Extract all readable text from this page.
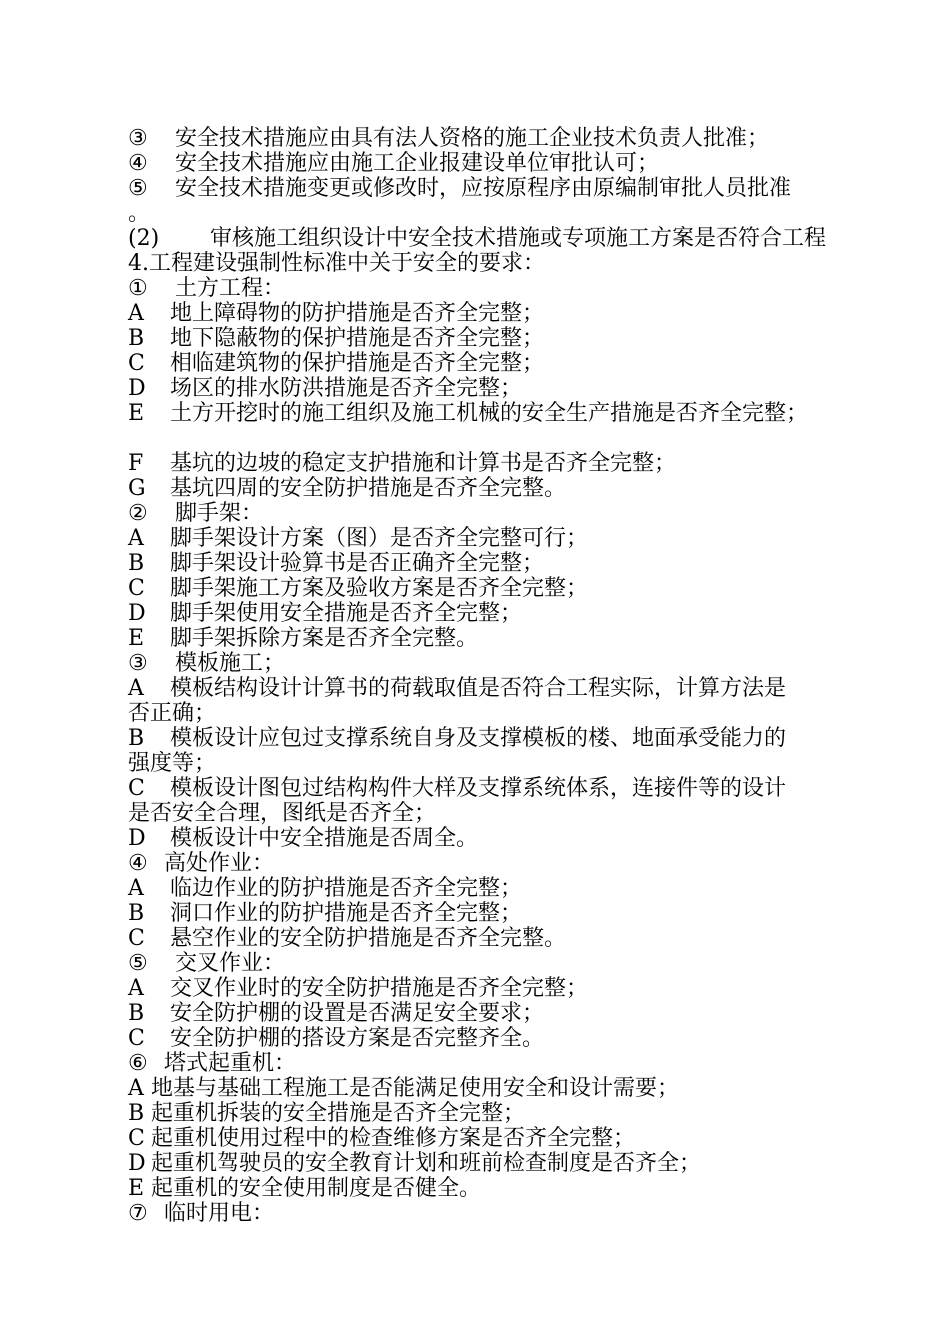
③ 安全技术措施应由具有法人资格的施工企业技术负责人批准；
④ 安全技术措施应由施工企业报建设单位审批认可；
⑤ 安全技术措施变更或修改时，应按原程序由原编制审批人员批准
。
(2) 审核施工组织设计中安全技术措施或专项施工方案是否符合工程
4.工程建设强制性标准中关于安全的要求：
① 土方工程：
A 地上障碍物的防护措施是否齐全完整；
B 地下隐蔽物的保护措施是否齐全完整；
C 相临建筑物的保护措施是否齐全完整；
D 场区的排水防洪措施是否齐全完整；
E 土方开挖时的施工组织及施工机械的安全生产措施是否齐全完整；
F 基坑的边坡的稳定支护措施和计算书是否齐全完整；
G 基坑四周的安全防护措施是否齐全完整。
② 脚手架：
A 脚手架设计方案（图）是否齐全完整可行；
B 脚手架设计验算书是否正确齐全完整；
C 脚手架施工方案及验收方案是否齐全完整；
D 脚手架使用安全措施是否齐全完整；
E 脚手架拆除方案是否齐全完整。
③ 模板施工；
A 模板结构设计计算书的荷载取值是否符合工程实际，计算方法是
否正确；
B 模板设计应包过支撑系统自身及支撑模板的楼、地面承受能力的
强度等；
C 模板设计图包过结构构件大样及支撑系统体系，连接件等的设计
是否安全合理，图纸是否齐全；
D 模板设计中安全措施是否周全。
④ 高处作业：
A 临边作业的防护措施是否齐全完整；
B 洞口作业的防护措施是否齐全完整；
C 悬空作业的安全防护措施是否齐全完整。
⑤ 交叉作业：
A 交叉作业时的安全防护措施是否齐全完整；
B 安全防护棚的设置是否满足安全要求；
C 安全防护棚的搭设方案是否完整齐全。
⑥ 塔式起重机：
A 地基与基础工程施工是否能满足使用安全和设计需要；
B 起重机拆装的安全措施是否齐全完整；
C 起重机使用过程中的检查维修方案是否齐全完整；
D 起重机驾驶员的安全教育计划和班前检查制度是否齐全；
E 起重机的安全使用制度是否健全。
⑦ 临时用电：
